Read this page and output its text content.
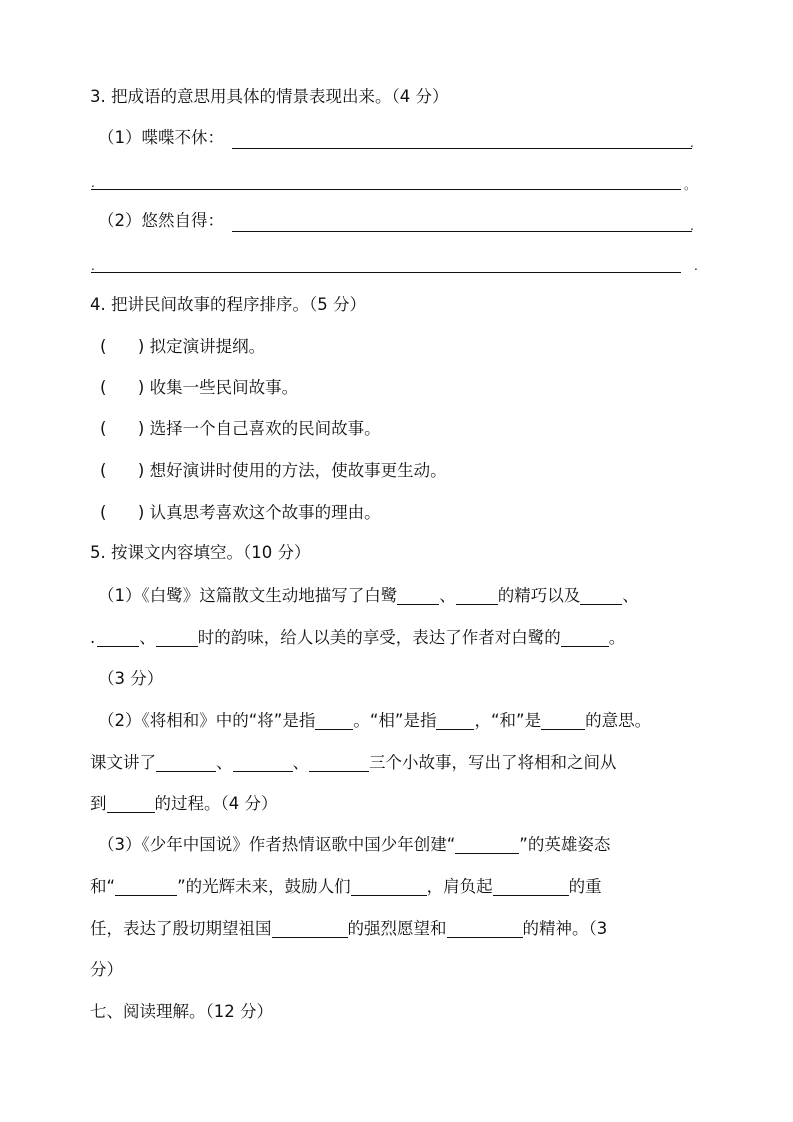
3. 把成语的意思用具体的情景表现出来。（4 分）
（1）喋喋不休：	.
.	。
（2）悠然自得：	.
.	.
4. 把讲民间故事的程序排序。（5 分）
(      ) 拟定演讲提纲。
(      ) 收集一些民间故事。
(      ) 选择一个自己喜欢的民间故事。
(      ) 想好演讲时使用的方法，使故事更生动。
(      ) 认真思考喜欢这个故事的理由。
5. 按课文内容填空。（10 分）
（1）《白鹭》这篇散文生动地描写了白鹭	、	的精巧以及	、
.	、	时的韵味，给人以美的享受，表达了作者对白鹭的	。
（3 分）
（2）《将相和》中的“将”是指 。“相”是指 ，“和”是	的意思。
课文讲了	、	、	三个小故事，写出了将相和之间从
到	的过程。（4 分）
（3）《少年中国说》作者热情讴歌中国少年创建“	”的英雄姿态
和“	”的光辉未来，鼓励人们	，肩负起	的重
任，表达了殷切期望祖国	的强烈愿望和	的精神。（3
分）
七、阅读理解。（12 分）
